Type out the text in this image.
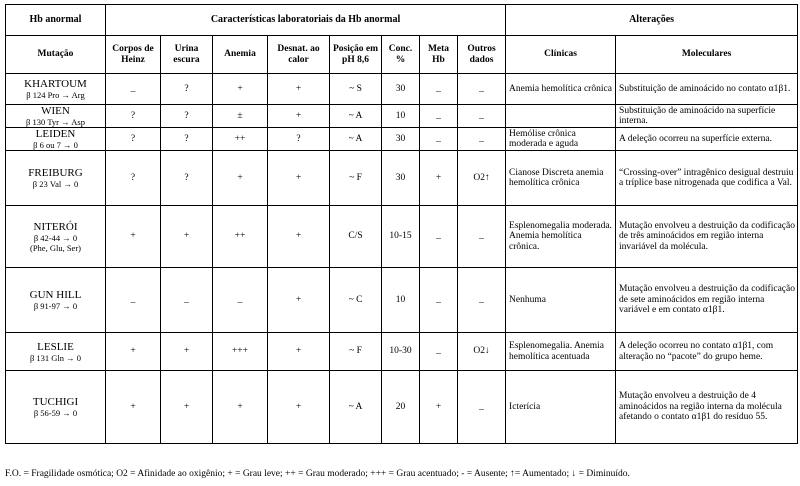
Hb anormal	Características laboratoriais da Hb anormal								Alterações	
Mutação	Corpos de Heinz	Urina escura	Anemia	Desnat. ao calor	Posição em pH 8,6	Conc. %	Meta Hb	Outros dados	Clínicas	Moleculares

KHARTOUM
β 124 Pro → Arg	_	?	+	+	~ S	30	_	_	Anemia hemolítica crônica	Substituição de aminoácido no contato α1β1.

WIEN
β 130 Tyr → Asp	?	?	±	+	~ A	10	_	_		Substituição de aminoácido na superfície interna.

LEIDEN
β 6 ou 7 → 0	?	?	++	?	~ A	30	_	_	Hemólise crônica moderada e aguda	A deleção ocorreu na superfície externa.

FREIBURG
β 23 Val → 0	?	?	+	+	~ F	30	+	O2↑	Cianose Discreta anemia hemolítica crônica	“Crossing-over” intragênico desigual destruiu a tríplice base nitrogenada que codifica a Val.

NITERÓI
β 42-44 → 0
(Phe, Glu, Ser)	+	+	++	+	C/S	10-15	_	_	Esplenomegalia moderada. Anemia hemolítica crônica.	Mutação envolveu a destruição da codificação de três aminoácidos em região interna invariável da molécula.

GUN HILL
β 91-97 → 0	_	_	_	+	~ C	10	_	_	Nenhuma	Mutação envolveu a destruição da codificação de sete aminoácidos em região interna variável e em contato α1β1.

LESLIE
β 131 Gln → 0	+	+	+++	+	~ F	10-30	_	O2↓	Esplenomegalia. Anemia hemolítica acentuada	A deleção ocorreu no contato α1β1, com alteração no “pacote” do grupo heme.

TUCHIGI
β 56-59 → 0	+	+	+	+	~ A	20	+	_	Icterícia	Mutação envolveu a destruição de 4 aminoácidos na região interna da molécula afetando o contato α1β1 do resíduo 55.
F.O. = Fragilidade osmótica; O2 = Afinidade ao oxigênio; + = Grau leve; ++ = Grau moderado; +++ = Grau acentuado; - = Ausente; ↑= Aumentado; ↓ = Diminuído.
